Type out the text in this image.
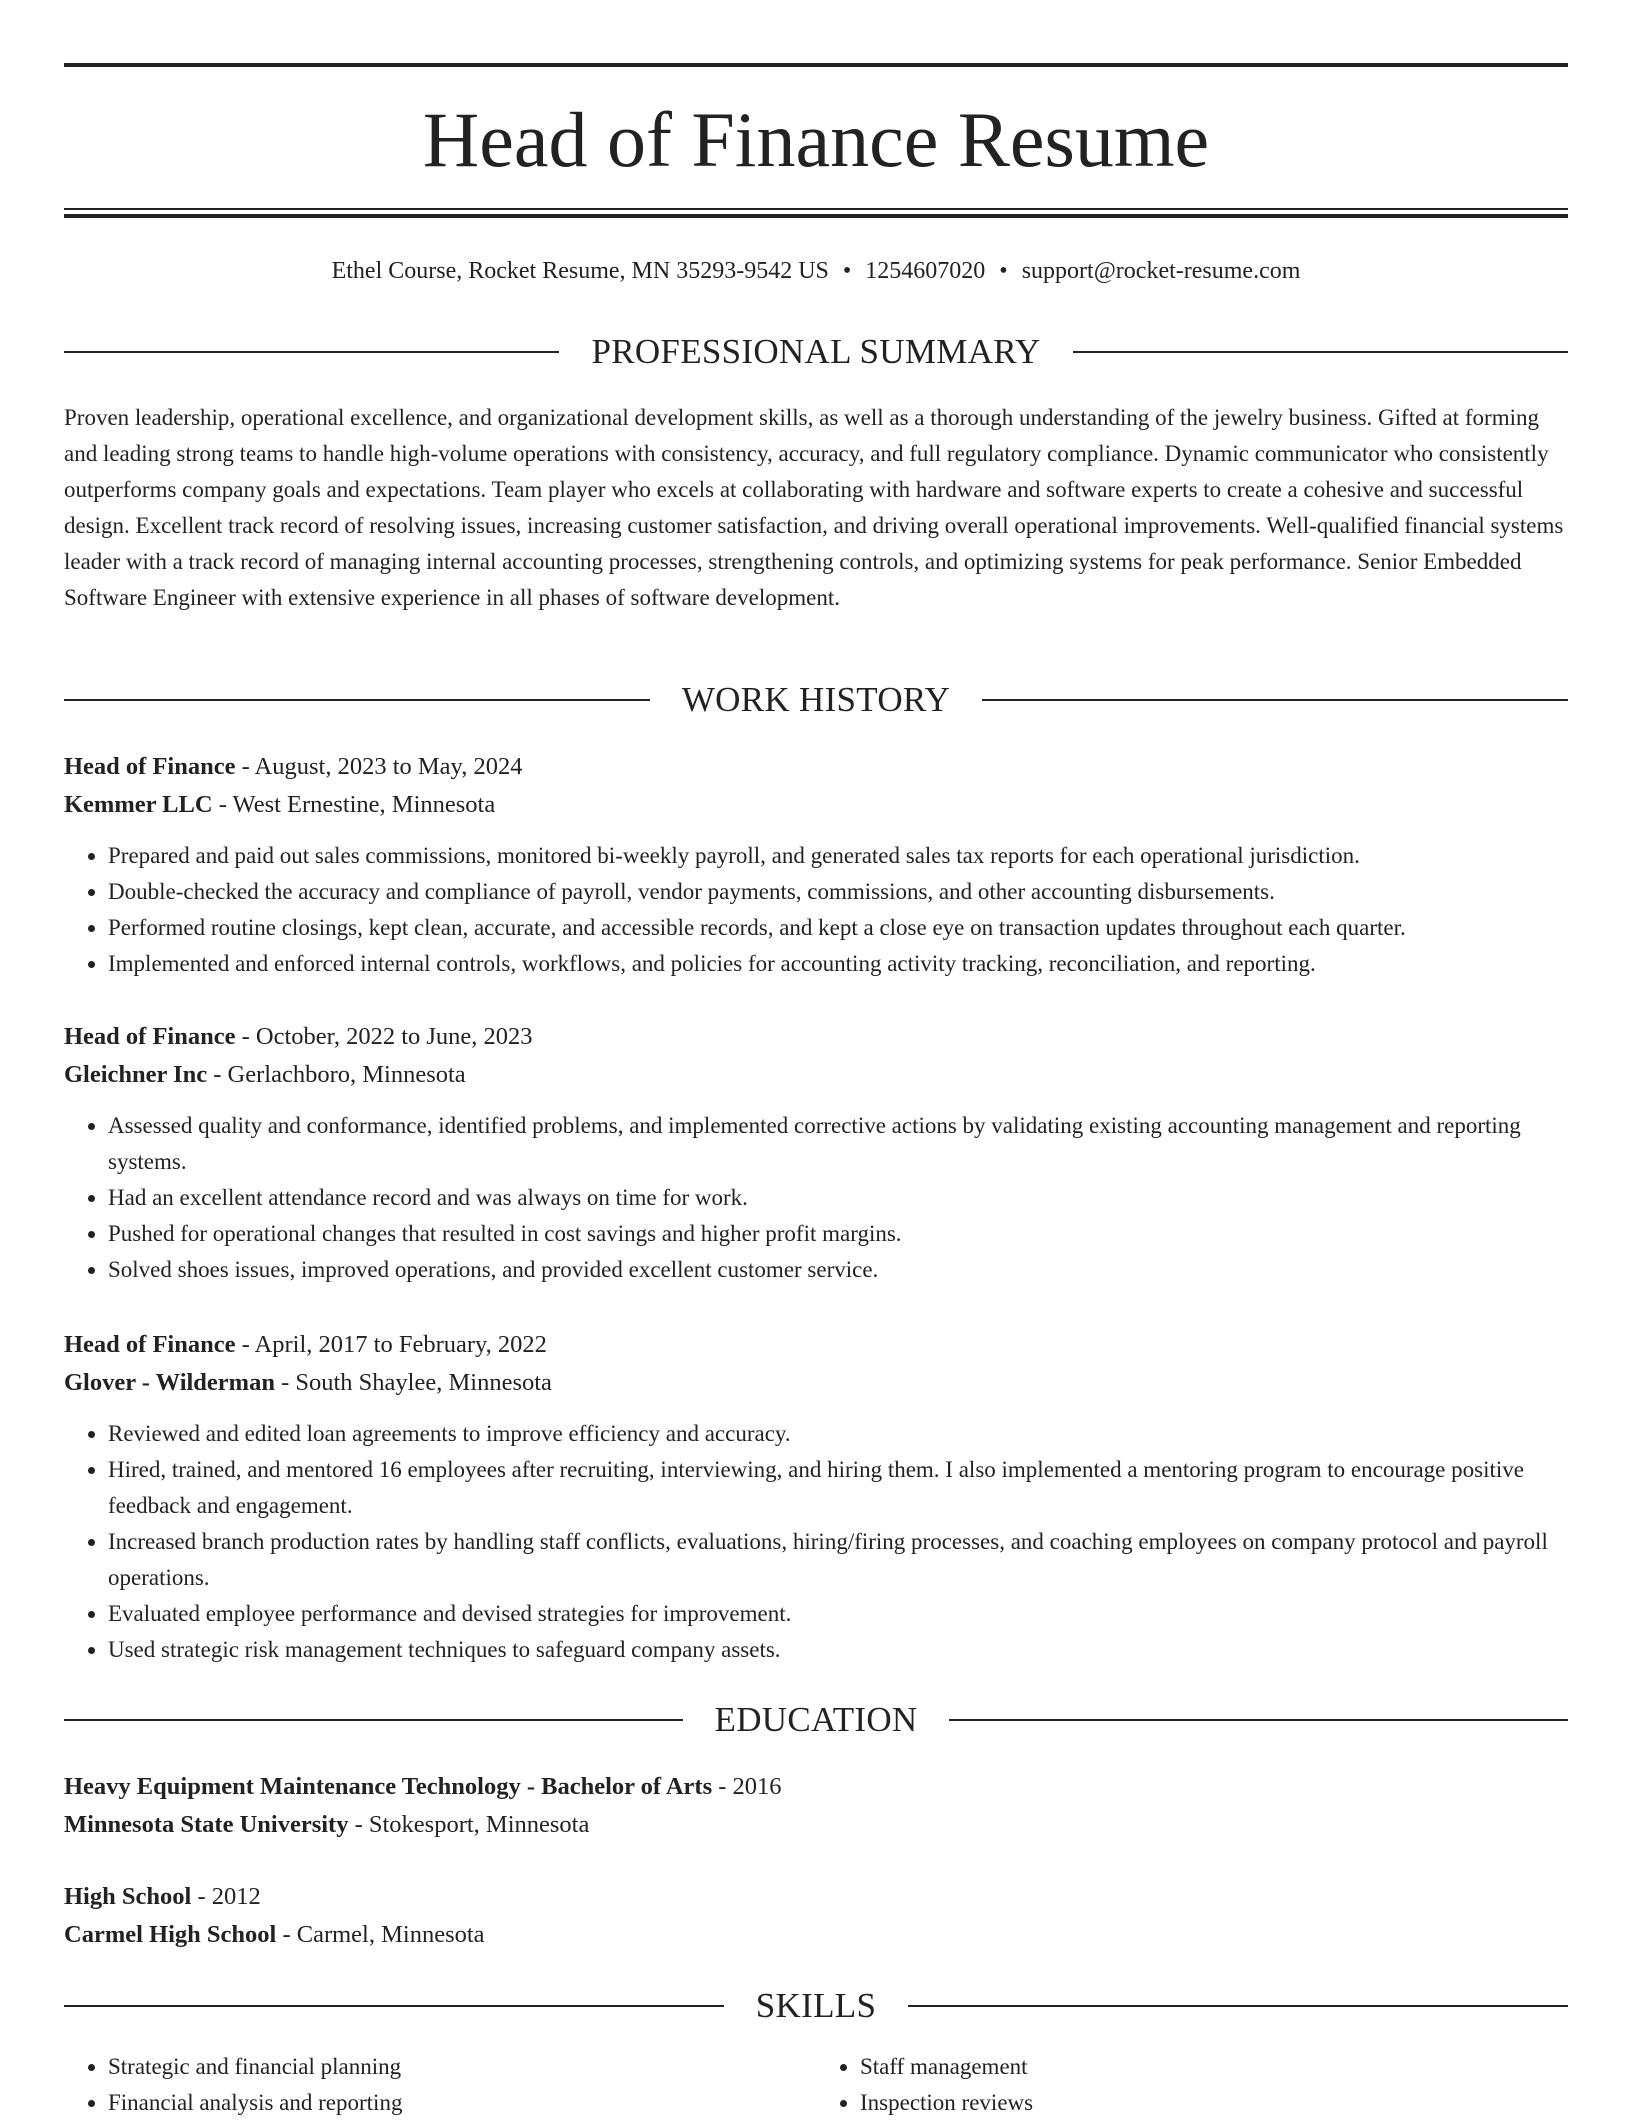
Head of Finance Resume
Ethel Course, Rocket Resume, MN 35293-9542 US • 1254607020 • support@rocket-resume.com
PROFESSIONAL SUMMARY

Proven leadership, operational excellence, and organizational development skills, as well as a thorough understanding of the jewelry business. Gifted at forming and leading strong teams to handle high-volume operations with consistency, accuracy, and full regulatory compliance. Dynamic communicator who consistently outperforms company goals and expectations. Team player who excels at collaborating with hardware and software experts to create a cohesive and successful design. Excellent track record of resolving issues, increasing customer satisfaction, and driving overall operational improvements. Well-qualified financial systems leader with a track record of managing internal accounting processes, strengthening controls, and optimizing systems for peak performance. Senior Embedded Software Engineer with extensive experience in all phases of software development.

WORK HISTORY
Head of Finance - August, 2023 to May, 2024
Kemmer LLC - West Ernestine, Minnesota
• Prepared and paid out sales commissions, monitored bi-weekly payroll, and generated sales tax reports for each operational jurisdiction.
• Double-checked the accuracy and compliance of payroll, vendor payments, commissions, and other accounting disbursements.
• Performed routine closings, kept clean, accurate, and accessible records, and kept a close eye on transaction updates throughout each quarter.
• Implemented and enforced internal controls, workflows, and policies for accounting activity tracking, reconciliation, and reporting.
Head of Finance - October, 2022 to June, 2023
Gleichner Inc - Gerlachboro, Minnesota
• Assessed quality and conformance, identified problems, and implemented corrective actions by validating existing accounting management and reporting systems.
• Had an excellent attendance record and was always on time for work.
• Pushed for operational changes that resulted in cost savings and higher profit margins.
• Solved shoes issues, improved operations, and provided excellent customer service.
Head of Finance - April, 2017 to February, 2022
Glover - Wilderman - South Shaylee, Minnesota
• Reviewed and edited loan agreements to improve efficiency and accuracy.
• Hired, trained, and mentored 16 employees after recruiting, interviewing, and hiring them. I also implemented a mentoring program to encourage positive feedback and engagement.
• Increased branch production rates by handling staff conflicts, evaluations, hiring/firing processes, and coaching employees on company protocol and payroll operations.
• Evaluated employee performance and devised strategies for improvement.
• Used strategic risk management techniques to safeguard company assets.
EDUCATION
Heavy Equipment Maintenance Technology - Bachelor of Arts - 2016
Minnesota State University - Stokesport, Minnesota
High School - 2012
Carmel High School - Carmel, Minnesota
SKILLS
• Strategic and financial planning
• Financial analysis and reporting
• Staff management
• Inspection reviews
